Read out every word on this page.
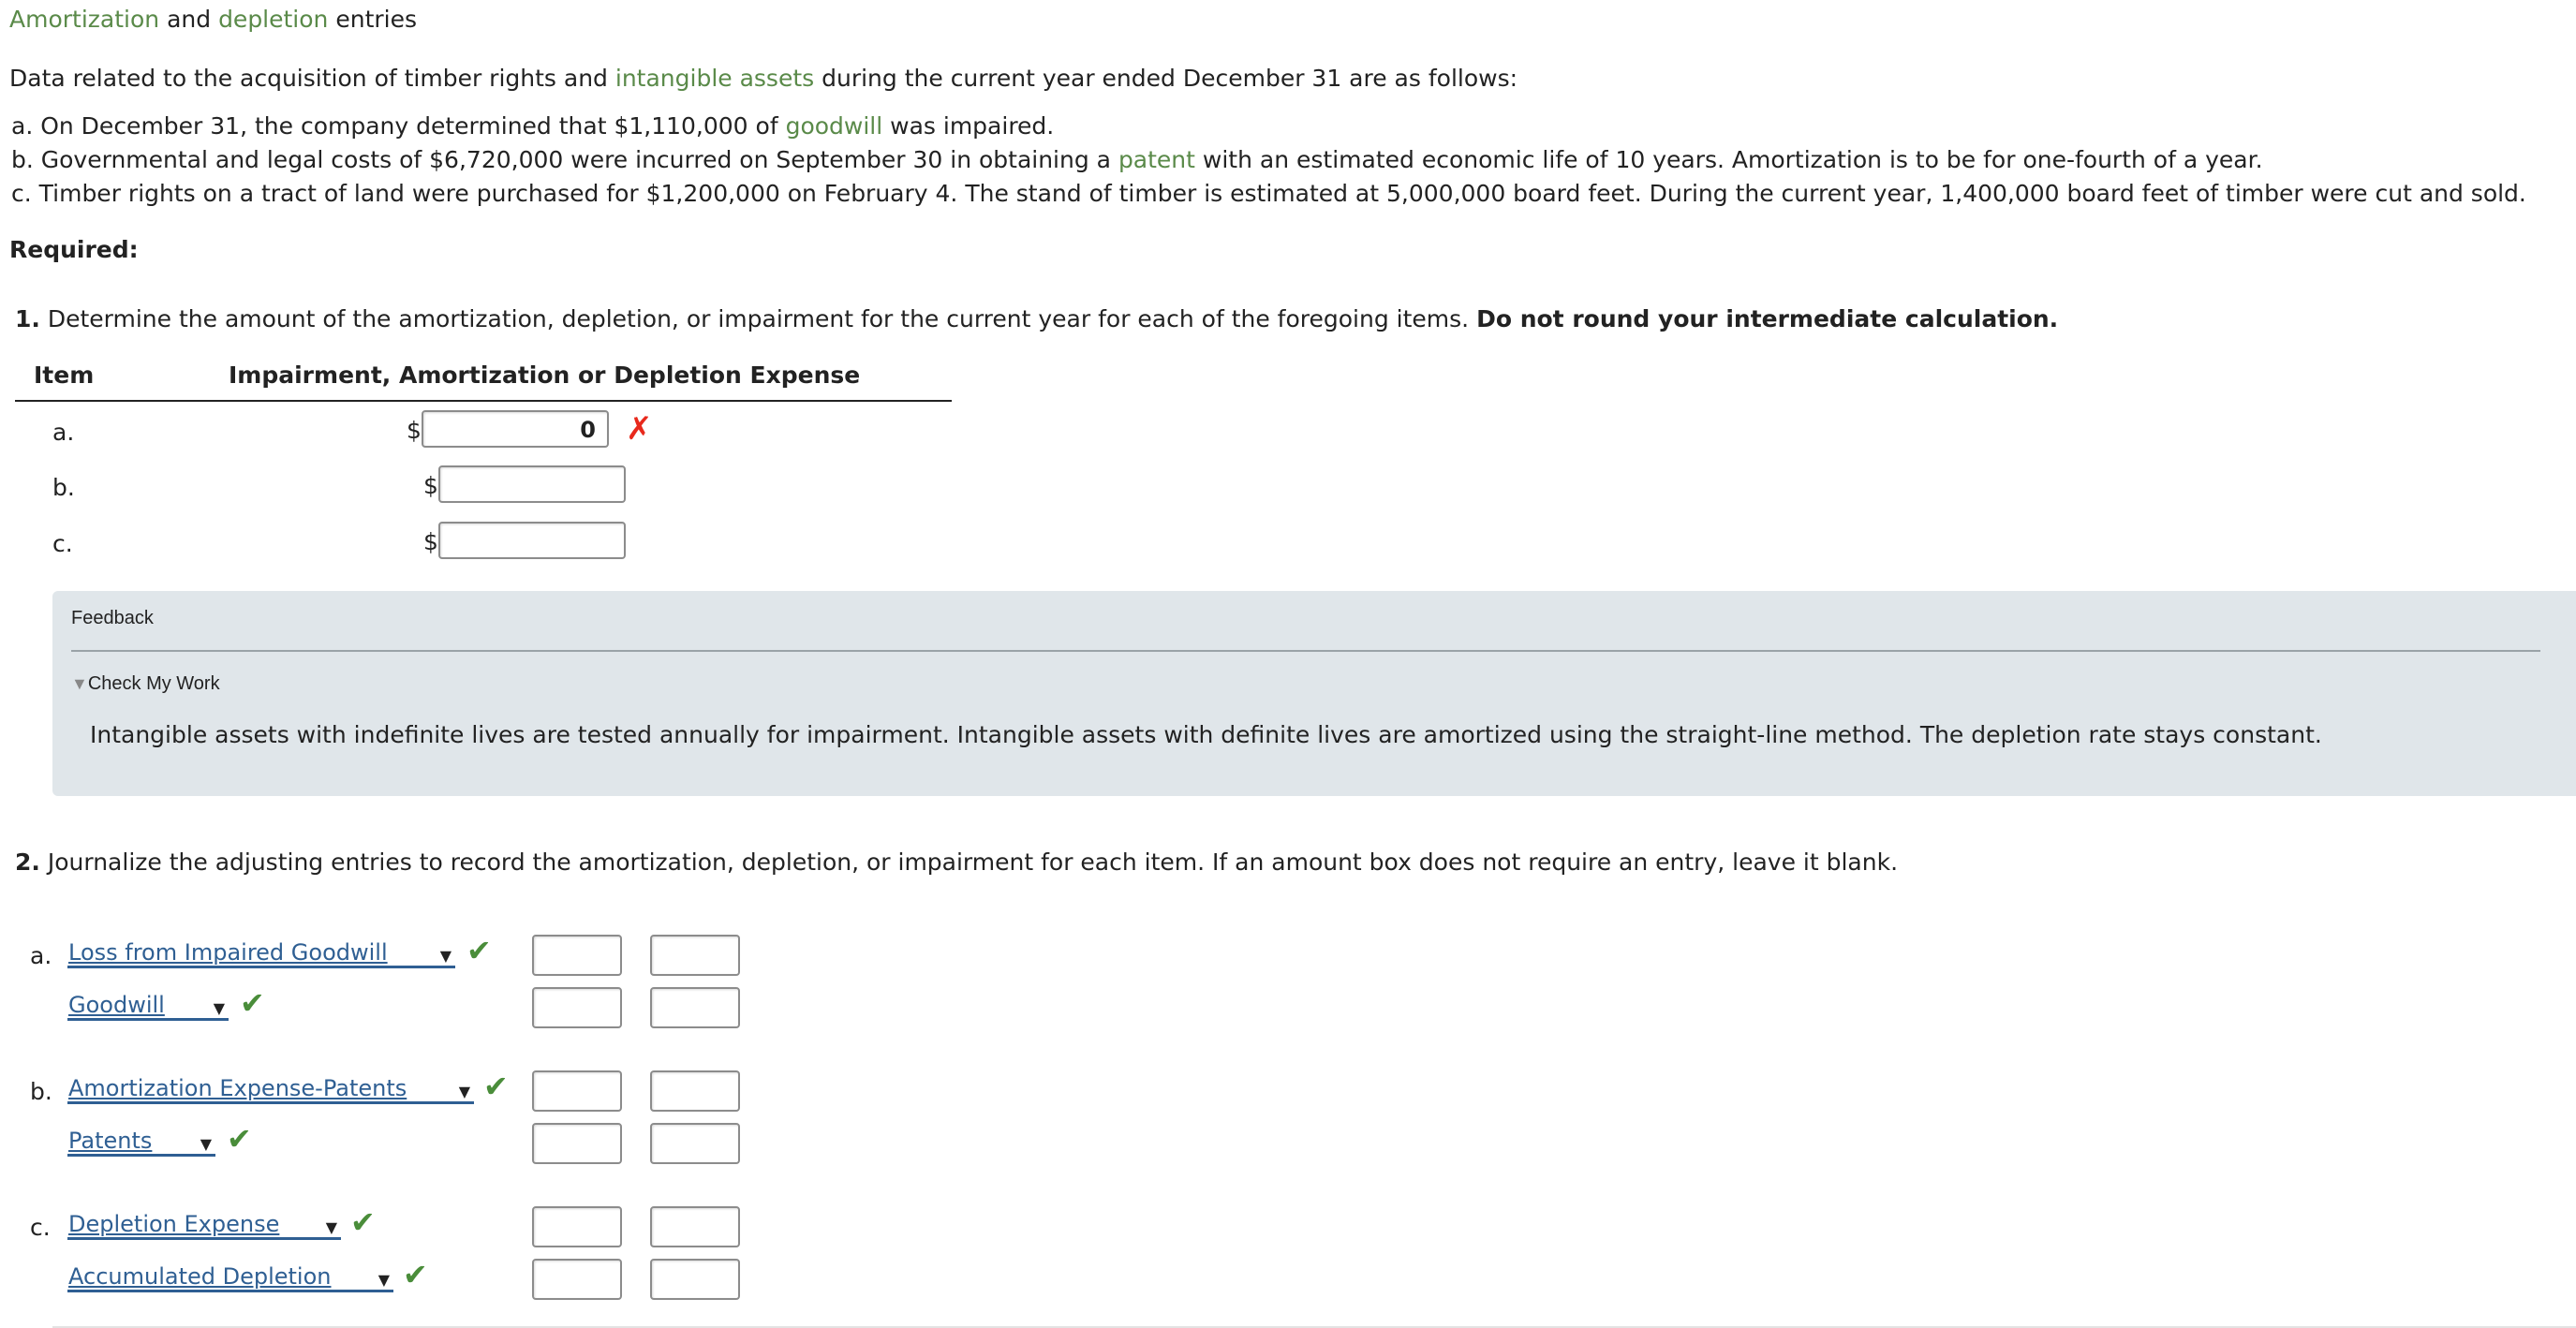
Amortization and depletion entries
Data related to the acquisition of timber rights and intangible assets during the current year ended December 31 are as follows:
a. On December 31, the company determined that $1,110,000 of goodwill was impaired.
b. Governmental and legal costs of $6,720,000 were incurred on September 30 in obtaining a patent with an estimated economic life of 10 years. Amortization is to be for one-fourth of a year.
c. Timber rights on a tract of land were purchased for $1,200,000 on February 4. The stand of timber is estimated at 5,000,000 board feet. During the current year, 1,400,000 board feet of timber were cut and sold.
Required:
1. Determine the amount of the amortization, depletion, or impairment for the current year for each of the foregoing items. Do not round your intermediate calculation.
Item	Impairment, Amortization or Depletion Expense
a.	$	0 ✗
b.	$
c.	$
Feedback
▼Check My Work
Intangible assets with indefinite lives are tested annually for impairment. Intangible assets with definite lives are amortized using the straight-line method. The depletion rate stays constant.
2. Journalize the adjusting entries to record the amortization, depletion, or impairment for each item. If an amount box does not require an entry, leave it blank.
a. Loss from Impaired Goodwill	▼ ✔
Goodwill	▼ ✔
b. Amortization Expense-Patents	▼ ✔
Patents	▼ ✔
c. Depletion Expense	▼ ✔
Accumulated Depletion	▼ ✔
